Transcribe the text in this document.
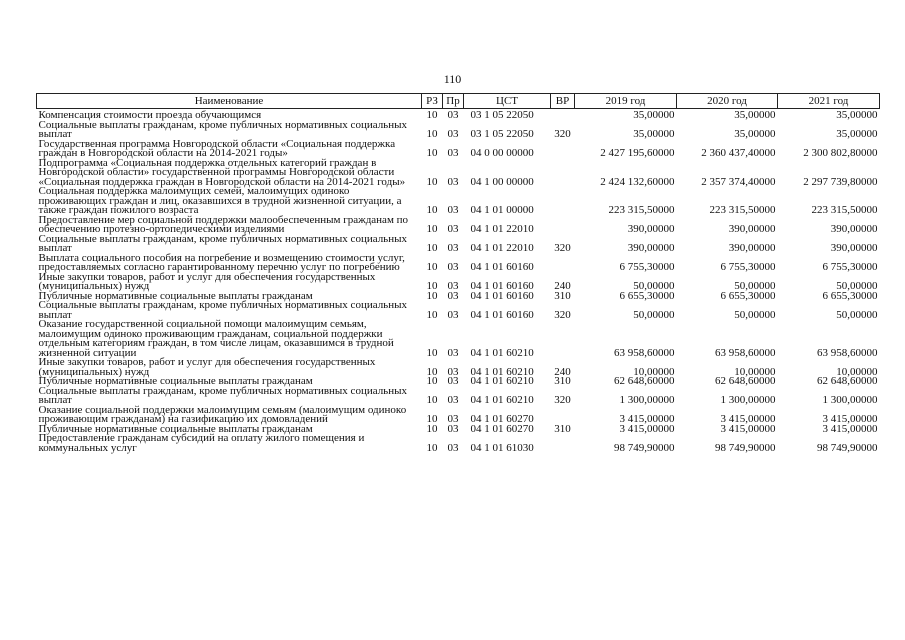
110
Наименование	РЗ	Пр	ЦСТ	ВР	2019 год	2020 год	2021 год
Компенсация стоимости проезда обучающимся	10	03	03 1 05 22050		35,00000	35,00000	35,00000
Социальные выплаты гражданам, кроме публичных нормативных социальных выплат	10	03	03 1 05 22050	320	35,00000	35,00000	35,00000
Государственная программа Новгородской области «Социальная поддержка граждан в Новгородской области на 2014-2021 годы»	10	03	04 0 00 00000		2 427 195,60000	2 360 437,40000	2 300 802,80000
Подпрограмма «Социальная поддержка отдельных категорий граждан в Новгородской области» государственной программы Новгородской области «Социальная поддержка граждан в Новгородской области на 2014-2021 годы»	10	03	04 1 00 00000		2 424 132,60000	2 357 374,40000	2 297 739,80000
Социальная поддержка малоимущих семей, малоимущих одиноко проживающих граждан и лиц, оказавшихся в трудной жизненной ситуации, а также граждан пожилого возраста	10	03	04 1 01 00000		223 315,50000	223 315,50000	223 315,50000
Предоставление мер социальной поддержки малообеспеченным гражданам по обеспечению протезно-ортопедическими изделиями	10	03	04 1 01 22010		390,00000	390,00000	390,00000
Социальные выплаты гражданам, кроме публичных нормативных социальных выплат	10	03	04 1 01 22010	320	390,00000	390,00000	390,00000
Выплата социального пособия на погребение и возмещению стоимости услуг, предоставляемых согласно гарантированному перечню услуг по погребению	10	03	04 1 01 60160		6 755,30000	6 755,30000	6 755,30000
Иные закупки товаров, работ и услуг для обеспечения государственных (муниципальных) нужд	10	03	04 1 01 60160	240	50,00000	50,00000	50,00000
Публичные нормативные социальные выплаты гражданам	10	03	04 1 01 60160	310	6 655,30000	6 655,30000	6 655,30000
Социальные выплаты гражданам, кроме публичных нормативных социальных выплат	10	03	04 1 01 60160	320	50,00000	50,00000	50,00000
Оказание государственной социальной помощи малоимущим семьям, малоимущим одиноко проживающим гражданам, социальной поддержки отдельным категориям граждан, в том числе лицам, оказавшимся в трудной жизненной ситуации	10	03	04 1 01 60210		63 958,60000	63 958,60000	63 958,60000
Иные закупки товаров, работ и услуг для обеспечения государственных (муниципальных) нужд	10	03	04 1 01 60210	240	10,00000	10,00000	10,00000
Публичные нормативные социальные выплаты гражданам	10	03	04 1 01 60210	310	62 648,60000	62 648,60000	62 648,60000
Социальные выплаты гражданам, кроме публичных нормативных социальных выплат	10	03	04 1 01 60210	320	1 300,00000	1 300,00000	1 300,00000
Оказание социальной поддержки малоимущим семьям (малоимущим одиноко проживающим гражданам) на газификацию их домовладений	10	03	04 1 01 60270		3 415,00000	3 415,00000	3 415,00000
Публичные нормативные социальные выплаты гражданам	10	03	04 1 01 60270	310	3 415,00000	3 415,00000	3 415,00000
Предоставление гражданам субсидий на оплату жилого помещения и коммунальных услуг	10	03	04 1 01 61030		98 749,90000	98 749,90000	98 749,90000
